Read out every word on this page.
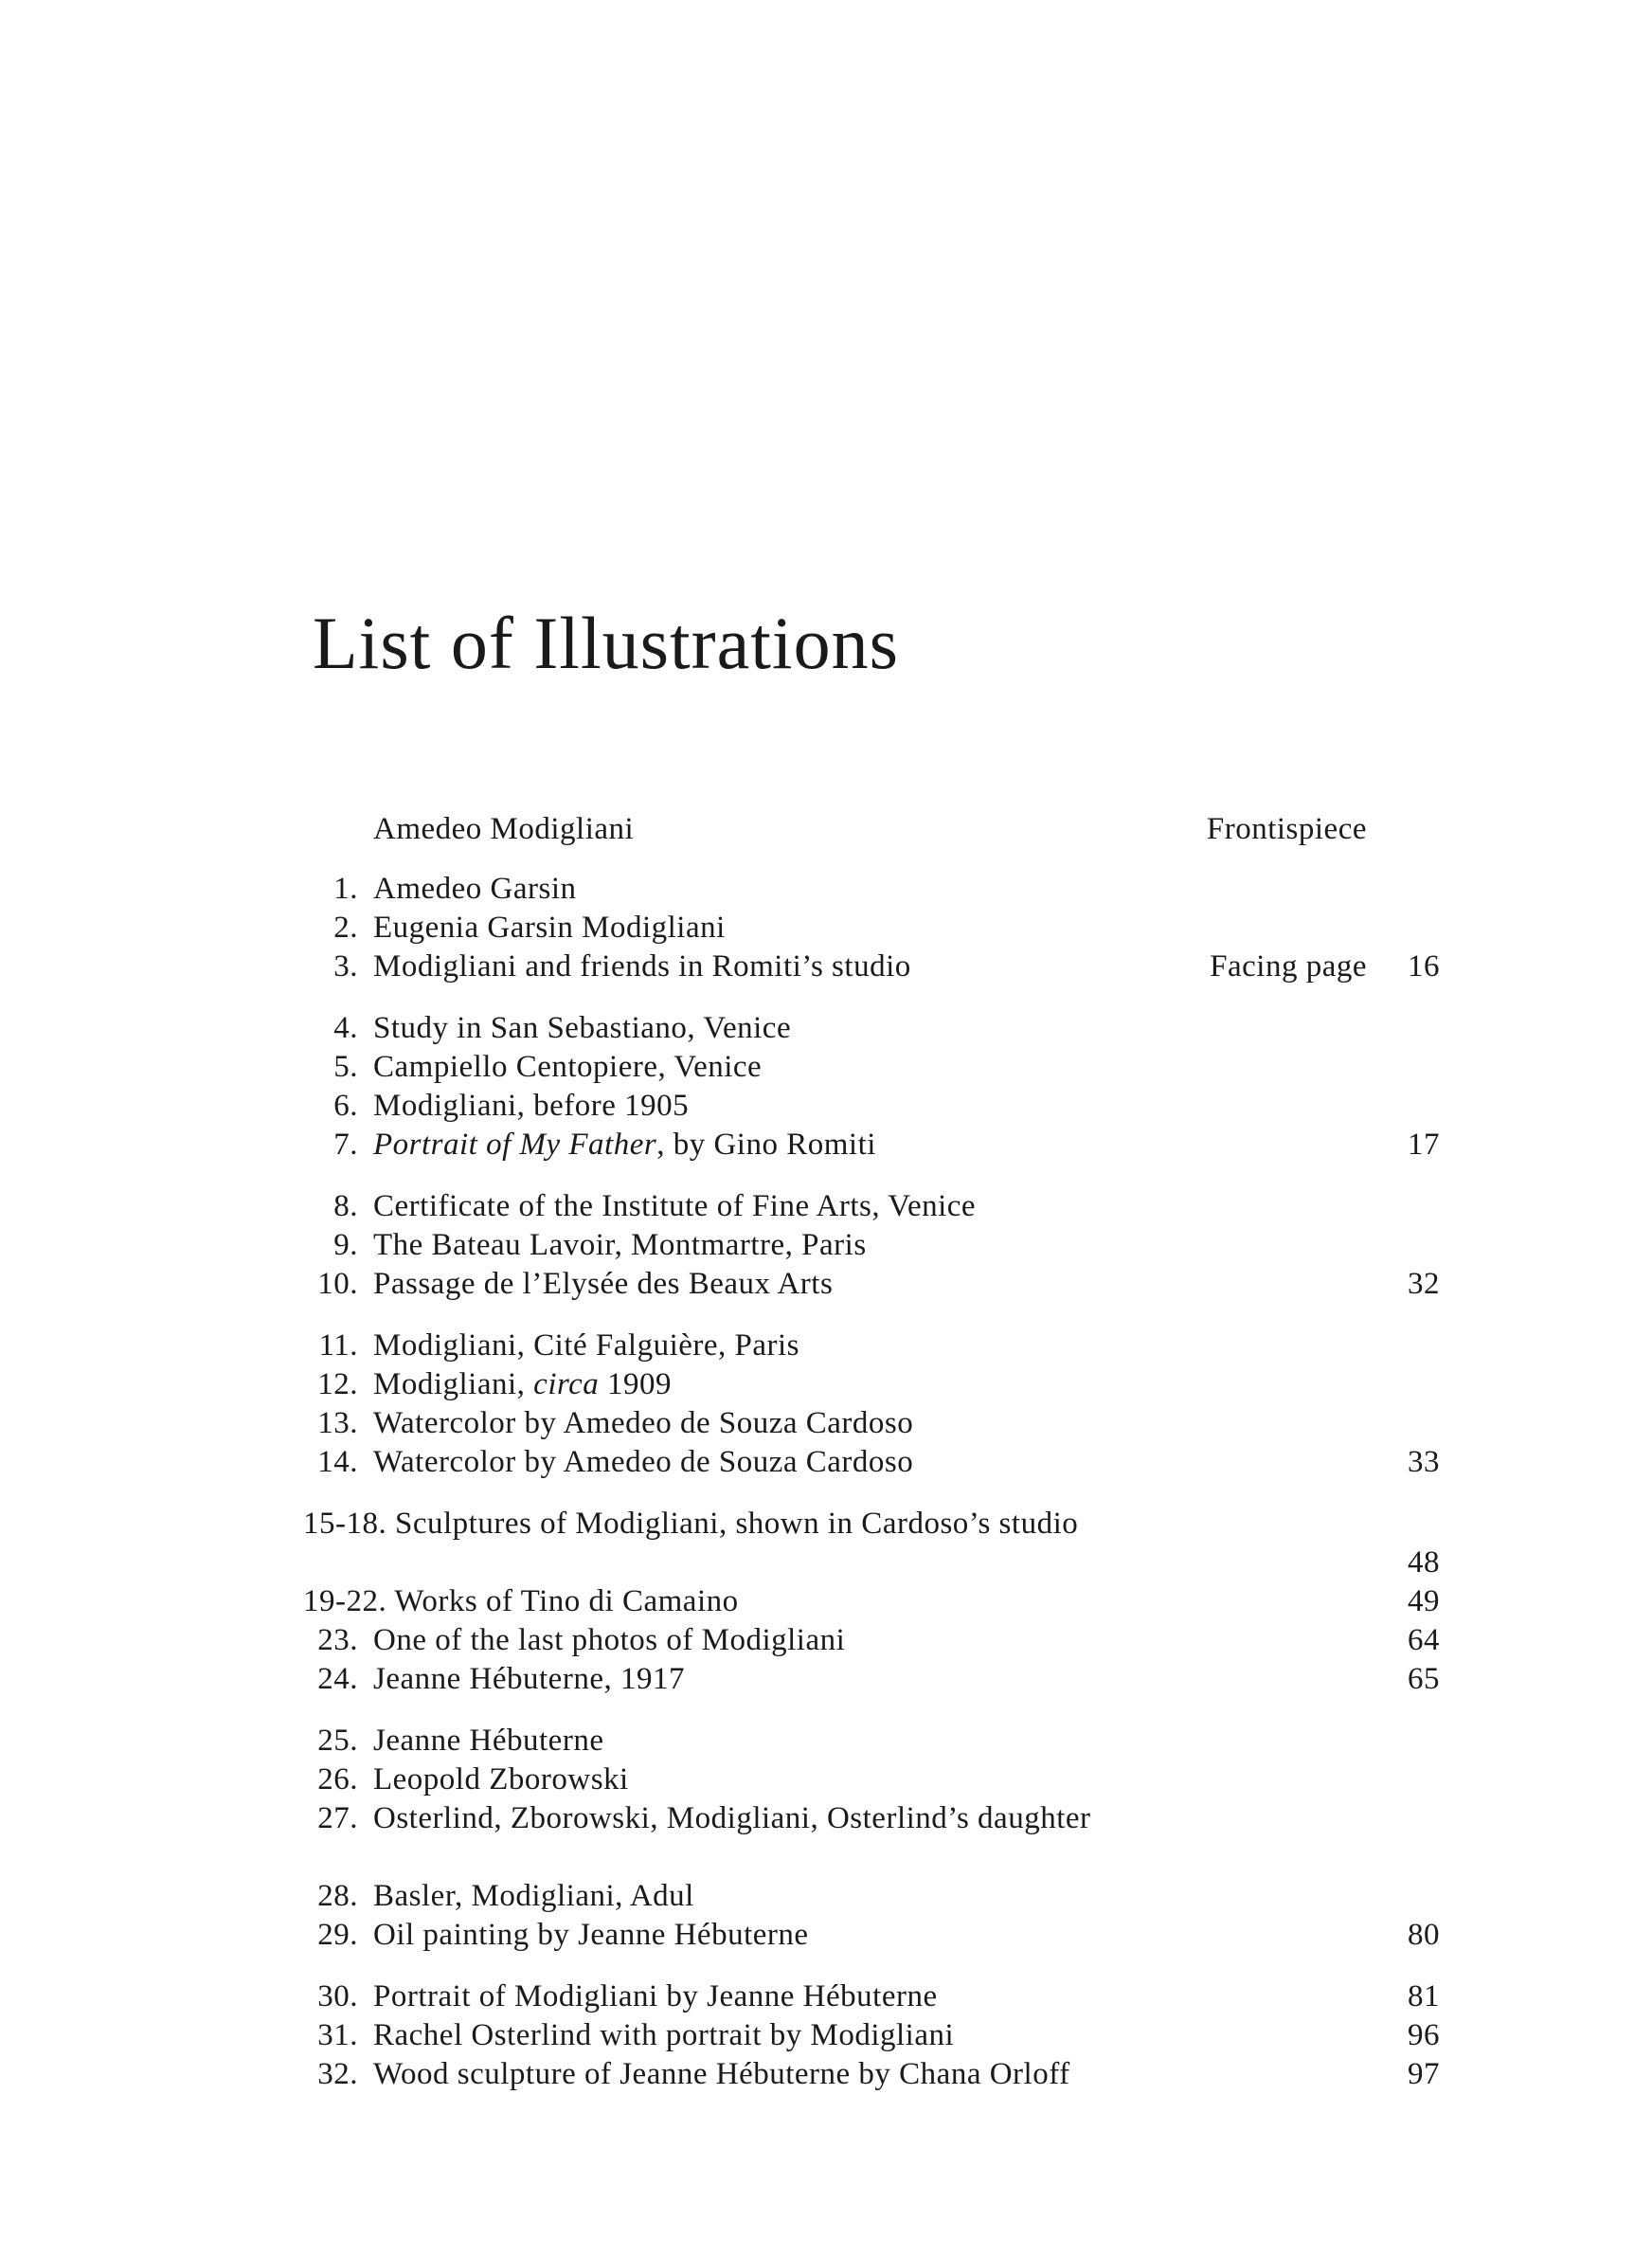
List of Illustrations
Amedeo Modigliani	Frontispiece
1. Amedeo Garsin
2. Eugenia Garsin Modigliani
3. Modigliani and friends in Romiti’s studio	Facing page	16
4. Study in San Sebastiano, Venice
5. Campiello Centopiere, Venice
6. Modigliani, before 1905
7. Portrait of My Father, by Gino Romiti	17
8. Certificate of the Institute of Fine Arts, Venice
9. The Bateau Lavoir, Montmartre, Paris
10. Passage de l’Elysée des Beaux Arts	32
11. Modigliani, Cité Falguière, Paris
12. Modigliani, circa 1909
13. Watercolor by Amedeo de Souza Cardoso
14. Watercolor by Amedeo de Souza Cardoso	33
15-18. Sculptures of Modigliani, shown in Cardoso’s studio
48
19-22. Works of Tino di Camaino	49
23. One of the last photos of Modigliani	64
24. Jeanne Hébuterne, 1917	65
25. Jeanne Hébuterne
26. Leopold Zborowski
27. Osterlind, Zborowski, Modigliani, Osterlind’s daughter
28. Basler, Modigliani, Adul
29. Oil painting by Jeanne Hébuterne	80
30. Portrait of Modigliani by Jeanne Hébuterne	81
31. Rachel Osterlind with portrait by Modigliani	96
32. Wood sculpture of Jeanne Hébuterne by Chana Orloff	97
